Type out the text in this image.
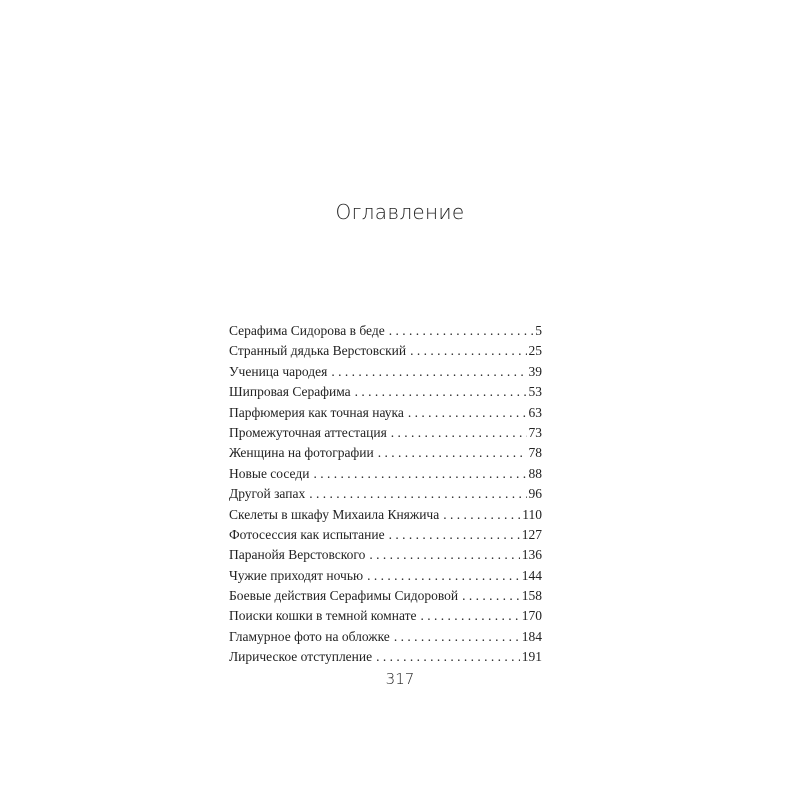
Оглавление
Серафима Сидорова в беде . . .	5
Странный дядька Верстовский . . .	25
Ученица чародея . . .	39
Шипровая Серафима . . .	53
Парфюмерия как точная наука . . .	63
Промежуточная аттестация . . .	73
Женщина на фотографии . . .	78
Новые соседи . . .	88
Другой запах . . .	96
Скелеты в шкафу Михаила Княжича . . .	110
Фотосессия как испытание . . .	127
Паранойя Верстовского . . .	136
Чужие приходят ночью . . .	144
Боевые действия Серафимы Сидоровой . . .	158
Поиски кошки в темной комнате . . .	170
Гламурное фото на обложке . . .	184
Лирическое отступление . . .	191
317
